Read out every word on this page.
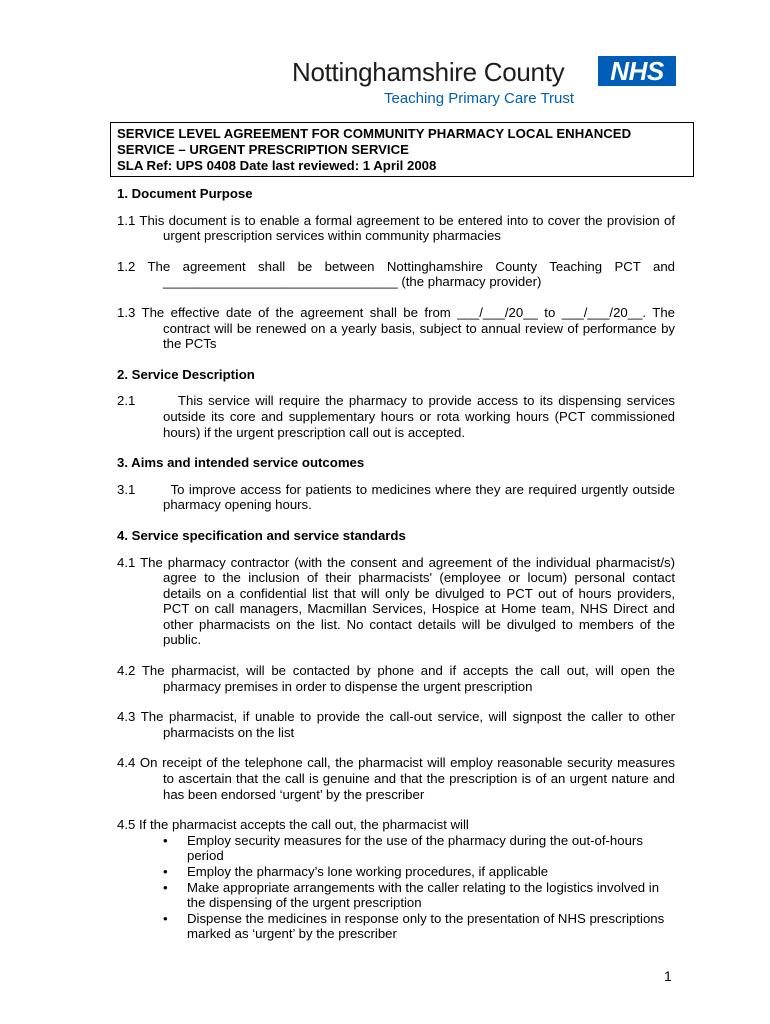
Nottinghamshire County	NHS
Teaching Primary Care Trust
SERVICE LEVEL AGREEMENT FOR COMMUNITY PHARMACY LOCAL ENHANCED
SERVICE – URGENT PRESCRIPTION SERVICE
SLA Ref: UPS 0408 Date last reviewed: 1 April 2008
1. Document Purpose
1.1 This document is to enable a formal agreement to be entered into to cover the provision of urgent prescription services within community pharmacies
1.2 The agreement shall be between Nottinghamshire County Teaching PCT and ________________________________ (the pharmacy provider)
1.3 The effective date of the agreement shall be from ___/___/20__ to ___/___/20__. The contract will be renewed on a yearly basis, subject to annual review of performance by the PCTs
2. Service Description
2.1        This service will require the pharmacy to provide access to its dispensing services outside its core and supplementary hours or rota working hours (PCT commissioned hours) if the urgent prescription call out is accepted.
3. Aims and intended service outcomes
3.1        To improve access for patients to medicines where they are required urgently outside pharmacy opening hours.
4. Service specification and service standards
4.1 The pharmacy contractor (with the consent and agreement of the individual pharmacist/s) agree to the inclusion of their pharmacists' (employee or locum) personal contact details on a confidential list that will only be divulged to PCT out of hours providers, PCT on call managers, Macmillan Services, Hospice at Home team, NHS Direct and other pharmacists on the list. No contact details will be divulged to members of the public.
4.2 The pharmacist, will be contacted by phone and if accepts the call out, will open the pharmacy premises in order to dispense the urgent prescription
4.3 The pharmacist, if unable to provide the call-out service, will signpost the caller to other pharmacists on the list
4.4 On receipt of the telephone call, the pharmacist will employ reasonable security measures to ascertain that the call is genuine and that the prescription is of an urgent nature and has been endorsed ‘urgent’ by the prescriber
4.5 If the pharmacist accepts the call out, the pharmacist will
• Employ security measures for the use of the pharmacy during the out-of-hours period
• Employ the pharmacy’s lone working procedures, if applicable
• Make appropriate arrangements with the caller relating to the logistics involved in the dispensing of the urgent prescription
• Dispense the medicines in response only to the presentation of NHS prescriptions marked as ‘urgent’ by the prescriber
1
